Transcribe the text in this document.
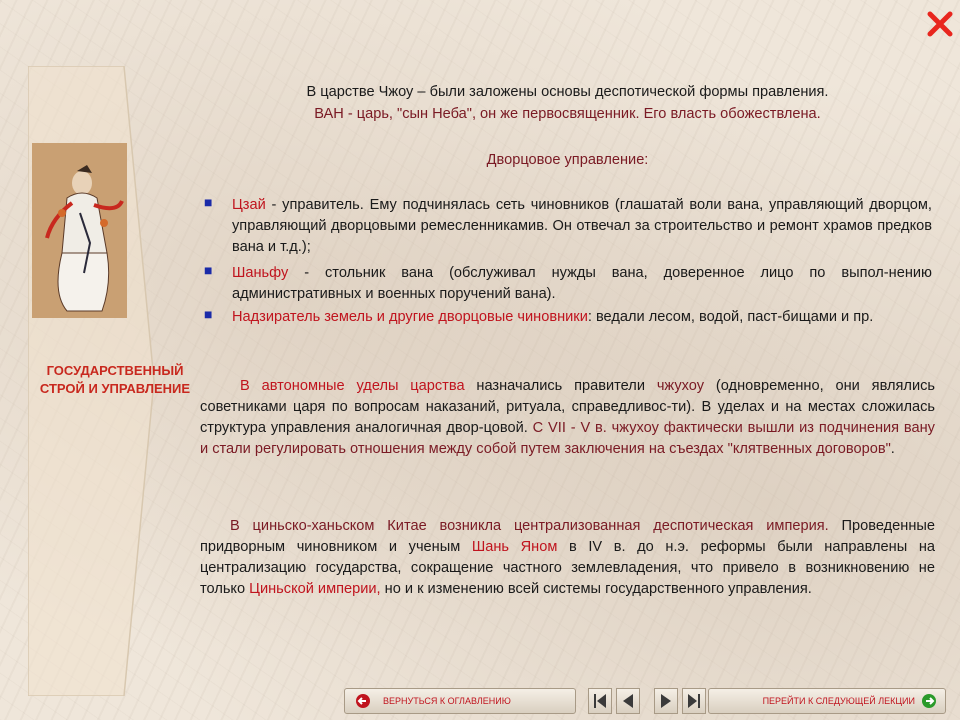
ГОСУДАРСТВЕННЫЙ СТРОЙ И УПРАВЛЕНИЕ
В царстве Чжоу – были заложены основы деспотической формы правления.
ВАН - царь, "сын Неба", он же первосвященник. Его власть обожествлена.
Дворцовое управление:
■ Цзай - управитель. Ему подчинялась сеть чиновников (глашатай воли вана, управляющий дворцом, управляющий дворцовыми ремесленникамив. Он отвечал за строительство и ремонт храмов предков вана и т.д.);
■ Шаньфу - стольник вана (обслуживал нужды вана, доверенное лицо по выпол-нению административных и военных поручений вана).
■ Надзиратель земель и другие дворцовые чиновники: ведали лесом, водой, паст-бищами и пр.
В автономные уделы царства назначались правители чжухоу (одновременно, они являлись советниками царя по вопросам наказаний, ритуала, справедливос-ти). В уделах и на местах сложилась структура управления аналогичная двор-цовой. С VII - V в. чжухоу фактически вышли из подчинения вану и стали регулировать отношения между собой путем заключения на съездах "клятвенных договоров".
В циньско-ханьском Китае возникла централизованная деспотическая империя. Проведенные придворным чиновником и ученым Шань Яном в IV в. до н.э. реформы были направлены на централизацию государства, сокращение частного землевладения, что привело в возникновению не только Циньской империи, но и к изменению всей системы государственного управления.
ВЕРНУТЬСЯ К ОГЛАВЛЕНИЮ	ПЕРЕЙТИ К СЛЕДУЮЩЕЙ ЛЕКЦИИ
